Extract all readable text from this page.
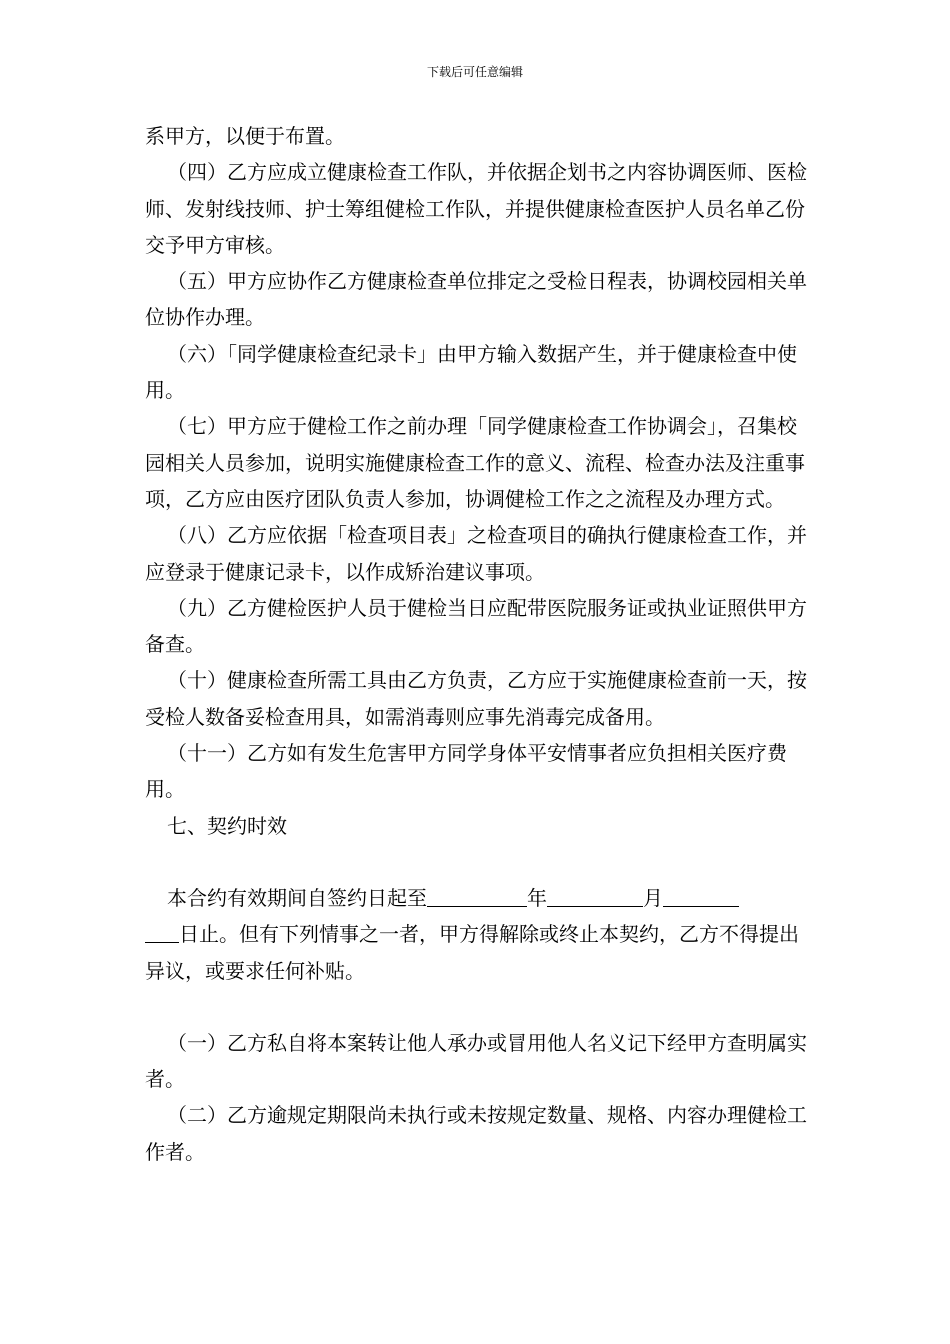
下载后可任意编辑

系甲方，以便于布置。

（四）乙方应成立健康检查工作队，并依据企划书之内容协调医师、医检师、发射线技师、护士筹组健检工作队，并提供健康检查医护人员名单乙份交予甲方审核。

（五）甲方应协作乙方健康检查单位排定之受检日程表，协调校园相关单位协作办理。

（六）「同学健康检查纪录卡」由甲方输入数据产生，并于健康检查中使用。

（七）甲方应于健检工作之前办理「同学健康检查工作协调会」，召集校园相关人员参加，说明实施健康检查工作的意义、流程、检查办法及注重事项，乙方应由医疗团队负责人参加，协调健检工作之之流程及办理方式。

（八）乙方应依据「检查项目表」之检查项目的确执行健康检查工作，并应登录于健康记录卡，以作成矫治建议事项。

（九）乙方健检医护人员于健检当日应配带医院服务证或执业证照供甲方备查。

（十）健康检查所需工具由乙方负责，乙方应于实施健康检查前一天，按受检人数备妥检查用具，如需消毒则应事先消毒完成备用。

（十一）乙方如有发生危害甲方同学身体平安情事者应负担相关医疗费用。

七、契约时效

本合约有效期间自签约日起至	年	月
日止。但有下列情事之一者，甲方得解除或终止本契约，乙方不得提出异议，或要求任何补贴。

（一）乙方私自将本案转让他人承办或冒用他人名义记下经甲方查明属实者。

（二）乙方逾规定期限尚未执行或未按规定数量、规格、内容办理健检工作者。
